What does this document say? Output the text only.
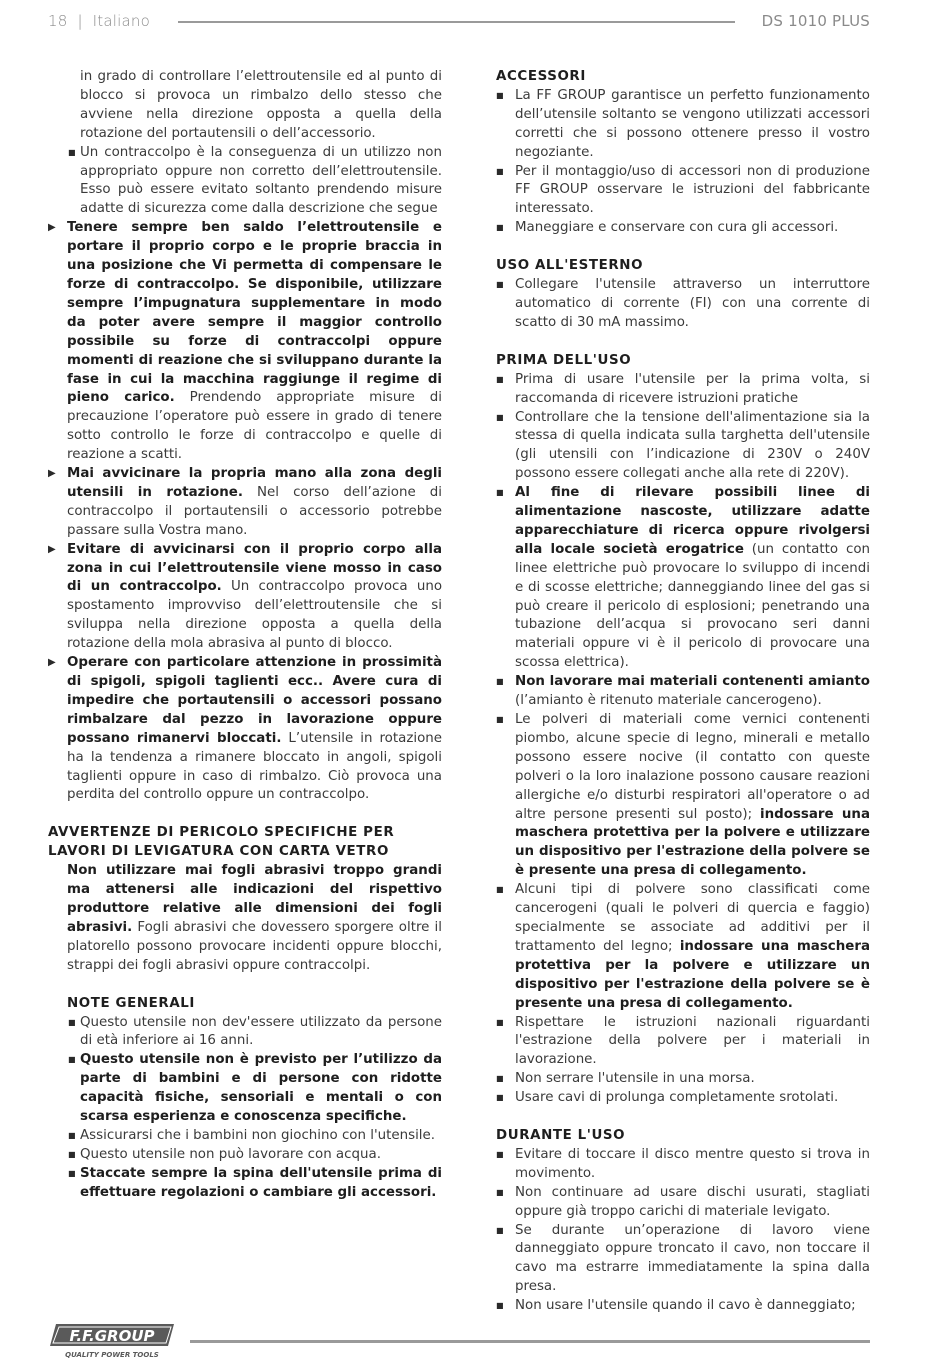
18 | Italiano	DS 1010 PLUS

in grado di controllare l’elettroutensile ed al punto di blocco si provoca un rimbalzo dello stesso che avviene nella direzione opposta a quella della rotazione del portautensili o dell’accessorio.

■ Un contraccolpo è la conseguenza di un utilizzo non appropriato oppure non corretto dell’elettroutensile. Esso può essere evitato soltanto prendendo misure adatte di sicurezza come dalla descrizione che segue
▶ Tenere sempre ben saldo l’elettroutensile e portare il proprio corpo e le proprie braccia in una posizione che Vi permetta di compensare le forze di contraccolpo. Se disponibile, utilizzare sempre l’impugnatura supplementare in modo da poter avere sempre il maggior controllo possibile su forze di contraccolpi oppure momenti di reazione che si sviluppano durante la fase in cui la macchina raggiunge il regime di pieno carico. Prendendo appropriate misure di precauzione l’operatore può essere in grado di tenere sotto controllo le forze di contraccolpo e quelle di reazione a scatti.
▶ Mai avvicinare la propria mano alla zona degli utensili in rotazione. Nel corso dell’azione di contraccolpo il portautensili o accessorio potrebbe passare sulla Vostra mano.
▶ Evitare di avvicinarsi con il proprio corpo alla zona in cui l’elettroutensile viene mosso in caso di un contraccolpo. Un contraccolpo provoca uno spostamento improvviso dell’elettroutensile che si sviluppa nella direzione opposta a quella della rotazione della mola abrasiva al punto di blocco.
▶ Operare con particolare attenzione in prossimità di spigoli, spigoli taglienti ecc.. Avere cura di impedire che portautensili o accessori possano rimbalzare dal pezzo in lavorazione oppure possano rimanervi bloccati. L’utensile in rotazione ha la tendenza a rimanere bloccato in angoli, spigoli taglienti oppure in caso di rimbalzo. Ciò provoca una perdita del controllo oppure un contraccolpo.

AVVERTENZE DI PERICOLO SPECIFICHE PER LAVORI DI LEVIGATURA CON CARTA VETRO

Non utilizzare mai fogli abrasivi troppo grandi ma attenersi alle indicazioni del rispettivo produttore relative alle dimensioni dei fogli abrasivi. Fogli abrasivi che dovessero sporgere oltre il platorello possono provocare incidenti oppure blocchi, strappi dei fogli abrasivi oppure contraccolpi.

NOTE GENERALI

■ Questo utensile non dev'essere utilizzato da persone di età inferiore ai 16 anni.
■ Questo utensile non è previsto per l’utilizzo da parte di bambini e di persone con ridotte capacità fisiche, sensoriali e mentali o con scarsa esperienza e conoscenza specifiche.
■ Assicurarsi che i bambini non giochino con l'utensile.
■ Questo utensile non può lavorare con acqua.
■ Staccate sempre la spina dell'utensile prima di effettuare regolazioni o cambiare gli accessori.

ACCESSORI

■ La FF GROUP garantisce un perfetto funzionamento dell’utensile soltanto se vengono utilizzati accessori corretti che si possono ottenere presso il vostro negoziante.
■ Per il montaggio/uso di accessori non di produzione FF GROUP osservare le istruzioni del fabbricante interessato.
■ Maneggiare e conservare con cura gli accessori.

USO ALL'ESTERNO

■ Collegare l'utensile attraverso un interruttore automatico di corrente (FI) con una corrente di scatto di 30 mA massimo.

PRIMA DELL'USO

■ Prima di usare l'utensile per la prima volta, si raccomanda di ricevere istruzioni pratiche
■ Controllare che la tensione dell'alimentazione sia la stessa di quella indicata sulla targhetta dell'utensile (gli utensili con l’indicazione di 230V o 240V possono essere collegati anche alla rete di 220V).
■ Al fine di rilevare possibili linee di alimentazione nascoste, utilizzare adatte apparecchiature di ricerca oppure rivolgersi alla locale società erogatrice (un contatto con linee elettriche può provocare lo sviluppo di incendi e di scosse elettriche; danneggiando linee del gas si può creare il pericolo di esplosioni; penetrando una tubazione dell’acqua si provocano seri danni materiali oppure vi è il pericolo di provocare una scossa elettrica).
■ Non lavorare mai materiali contenenti amianto (l’amianto è ritenuto materiale cancerogeno).
■ Le polveri di materiali come vernici contenenti piombo, alcune specie di legno, minerali e metallo possono essere nocive (il contatto con queste polveri o la loro inalazione possono causare reazioni allergiche e/o disturbi respiratori all'operatore o ad altre persone presenti sul posto); indossare una maschera protettiva per la polvere e utilizzare un dispositivo per l'estrazione della polvere se è presente una presa di collegamento.
■ Alcuni tipi di polvere sono classificati come cancerogeni (quali le polveri di quercia e faggio) specialmente se associate ad additivi per il trattamento del legno; indossare una maschera protettiva per la polvere e utilizzare un dispositivo per l'estrazione della polvere se è presente una presa di collegamento.
■ Rispettare le istruzioni nazionali riguardanti l'estrazione della polvere per i materiali in lavorazione.
■ Non serrare l'utensile in una morsa.
■ Usare cavi di prolunga completamente srotolati.

DURANTE L'USO

■ Evitare di toccare il disco mentre questo si trova in movimento.
■ Non continuare ad usare dischi usurati, stagliati oppure già troppo carichi di materiale levigato.
■ Se durante un’operazione di lavoro viene danneggiato oppure troncato il cavo, non toccare il cavo ma estrarre immediatamente la spina dalla presa.
■ Non usare l'utensile quando il cavo è danneggiato;
F.F.GROUP
QUALITY POWER TOOLS
